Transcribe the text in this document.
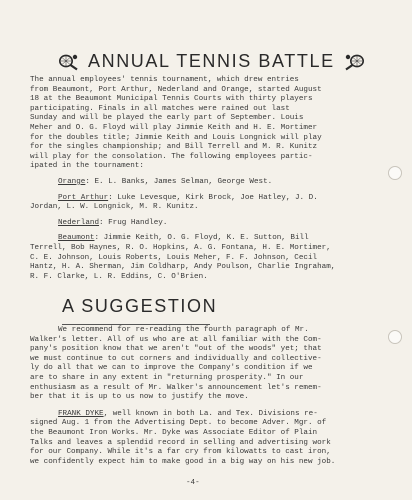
ANNUAL TENNIS BATTLE

The annual employees' tennis tournament, which drew entries

from Beaumont, Port Arthur, Nederland and Orange, started August

18 at the Beaumont Municipal Tennis Courts with thirty players

participating. Finals in all matches were rained out last

Sunday and will be played the early part of September. Louis

Meher and O. G. Floyd will play Jimmie Keith and H. E. Mortimer

for the doubles title; Jimmie Keith and Louis Longnick will play

for the singles championship; and Bill Terrell and M. R. Kunitz

will play for the consolation. The following employees partic-

ipated in the tournament:

Orange: E. L. Banks, James Selman, George West.

Port Arthur: Luke Levesque, Kirk Brock, Joe Hatley, J. D.

Jordan, L. W. Longnick, M. R. Kunitz.

Nederland: Frug Handley.

Beaumont: Jimmie Keith, O. G. Floyd, K. E. Sutton, Bill

Terrell, Bob Haynes, R. O. Hopkins, A. G. Fontana, H. E. Mortimer,

C. E. Johnson, Louis Roberts, Louis Meher, F. F. Johnson, Cecil

Hantz, H. A. Sherman, Jim Coldharp, Andy Poulson, Charlie Ingraham,

R. F. Clarke, L. R. Eddins, C. O'Brien.

A SUGGESTION

We recommend for re-reading the fourth paragraph of Mr.

Walker's letter. All of us who are at all familiar with the Com-

pany's position know that we aren't "out of the woods" yet; that

we must continue to cut corners and individually and collective-

ly do all that we can to improve the Company's condition if we

are to share in any extent in "returning prosperity." In our

enthusiasm as a result of Mr. Walker's announcement let's remem-

ber that it is up to us now to justify the move.

FRANK DYKE, well known in both La. and Tex. Divisions re-

signed Aug. 1 from the Advertising Dept. to become Adver. Mgr. of

the Beaumont Iron Works. Mr. Dyke was Associate Editor of Plain

Talks and leaves a splendid record in selling and advertising work

for our Company. While it's a far cry from kilowatts to cast iron,

we confidently expect him to make good in a big way on his new job.

-4-
